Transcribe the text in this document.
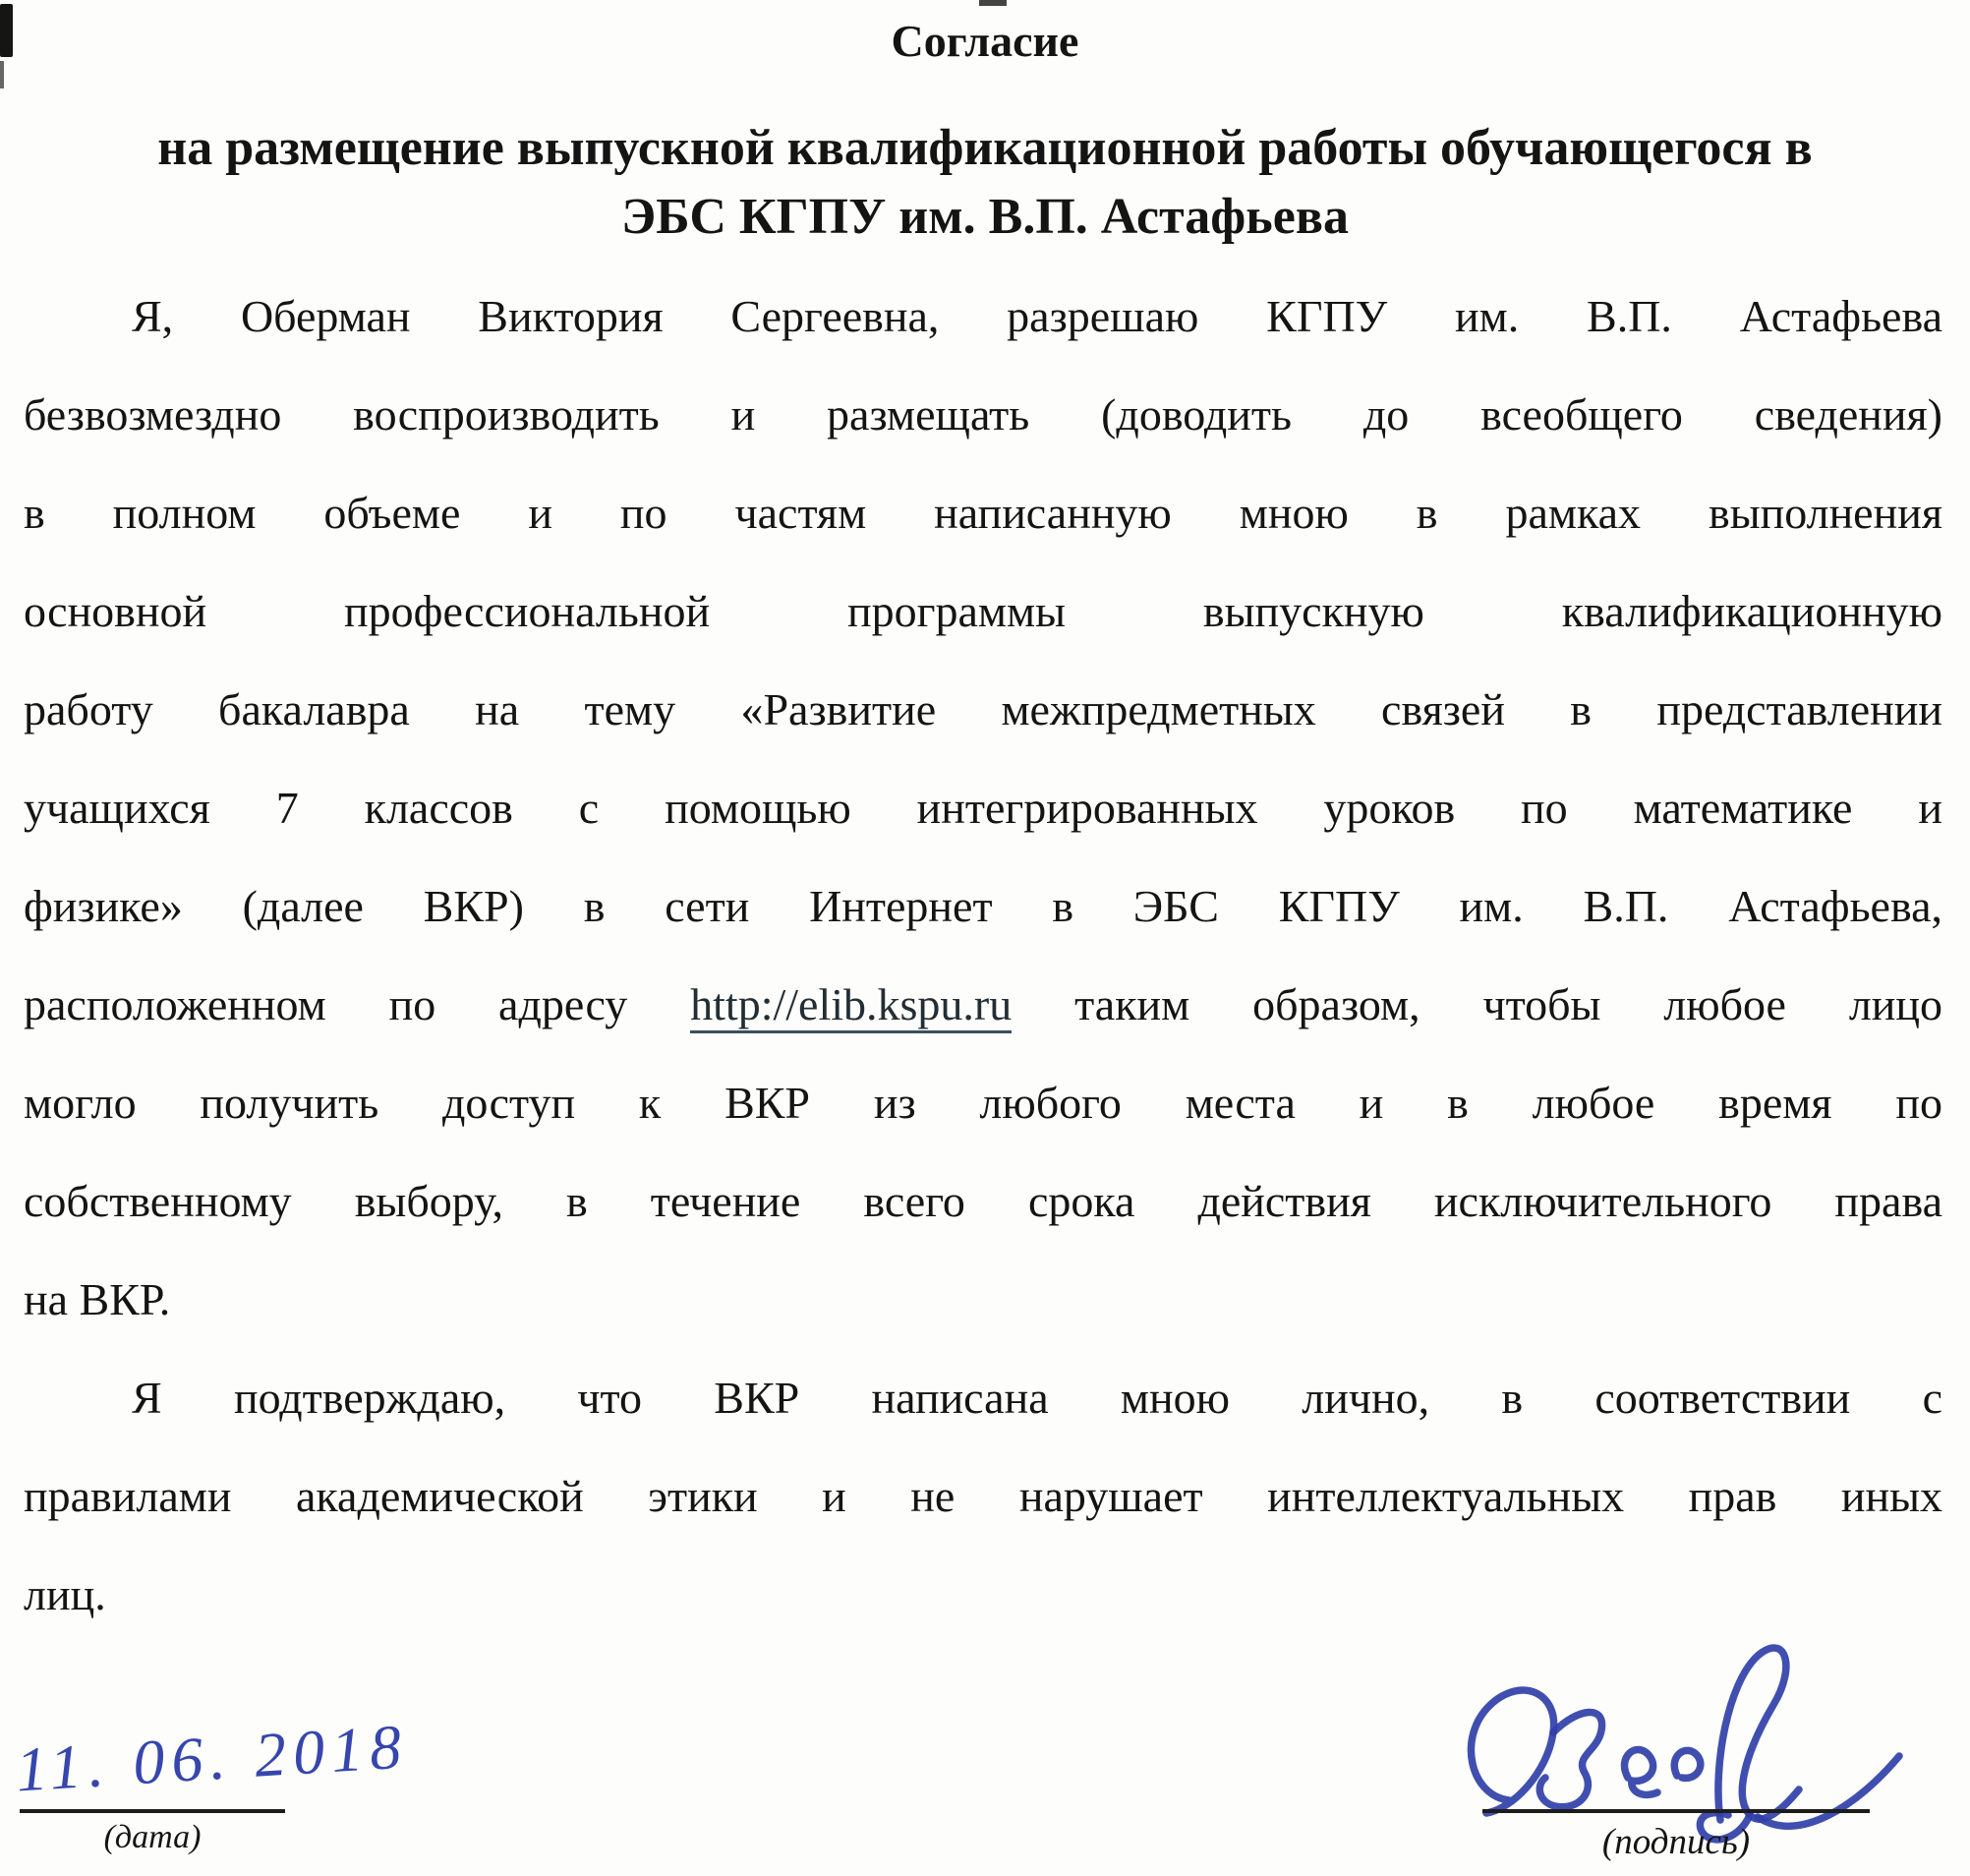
Согласие
на размещение выпускной квалификационной работы обучающегося в
ЭБС КГПУ им. В.П. Астафьева
Я, Оберман Виктория Сергеевна, разрешаю КГПУ им. В.П. Астафьева
безвозмездно воспроизводить и размещать (доводить до всеобщего сведения)
в полном объеме и по частям написанную мною в рамках выполнения
основной профессиональной программы выпускную квалификационную
работу бакалавра на тему «Развитие межпредметных связей в представлении
учащихся 7 классов с помощью интегрированных уроков по математике и
физике» (далее ВКР) в сети Интернет в ЭБС КГПУ им. В.П. Астафьева,
расположенном по адресу http://elib.kspu.ru таким образом, чтобы любое лицо
могло получить доступ к ВКР из любого места и в любое время по
собственному выбору, в течение всего срока действия исключительного права
на ВКР.
Я подтверждаю, что ВКР написана мною лично, в соответствии с
правилами академической этики и не нарушает интеллектуальных прав иных
лиц.
11. 06. 2018
(дата)	(подпись)
